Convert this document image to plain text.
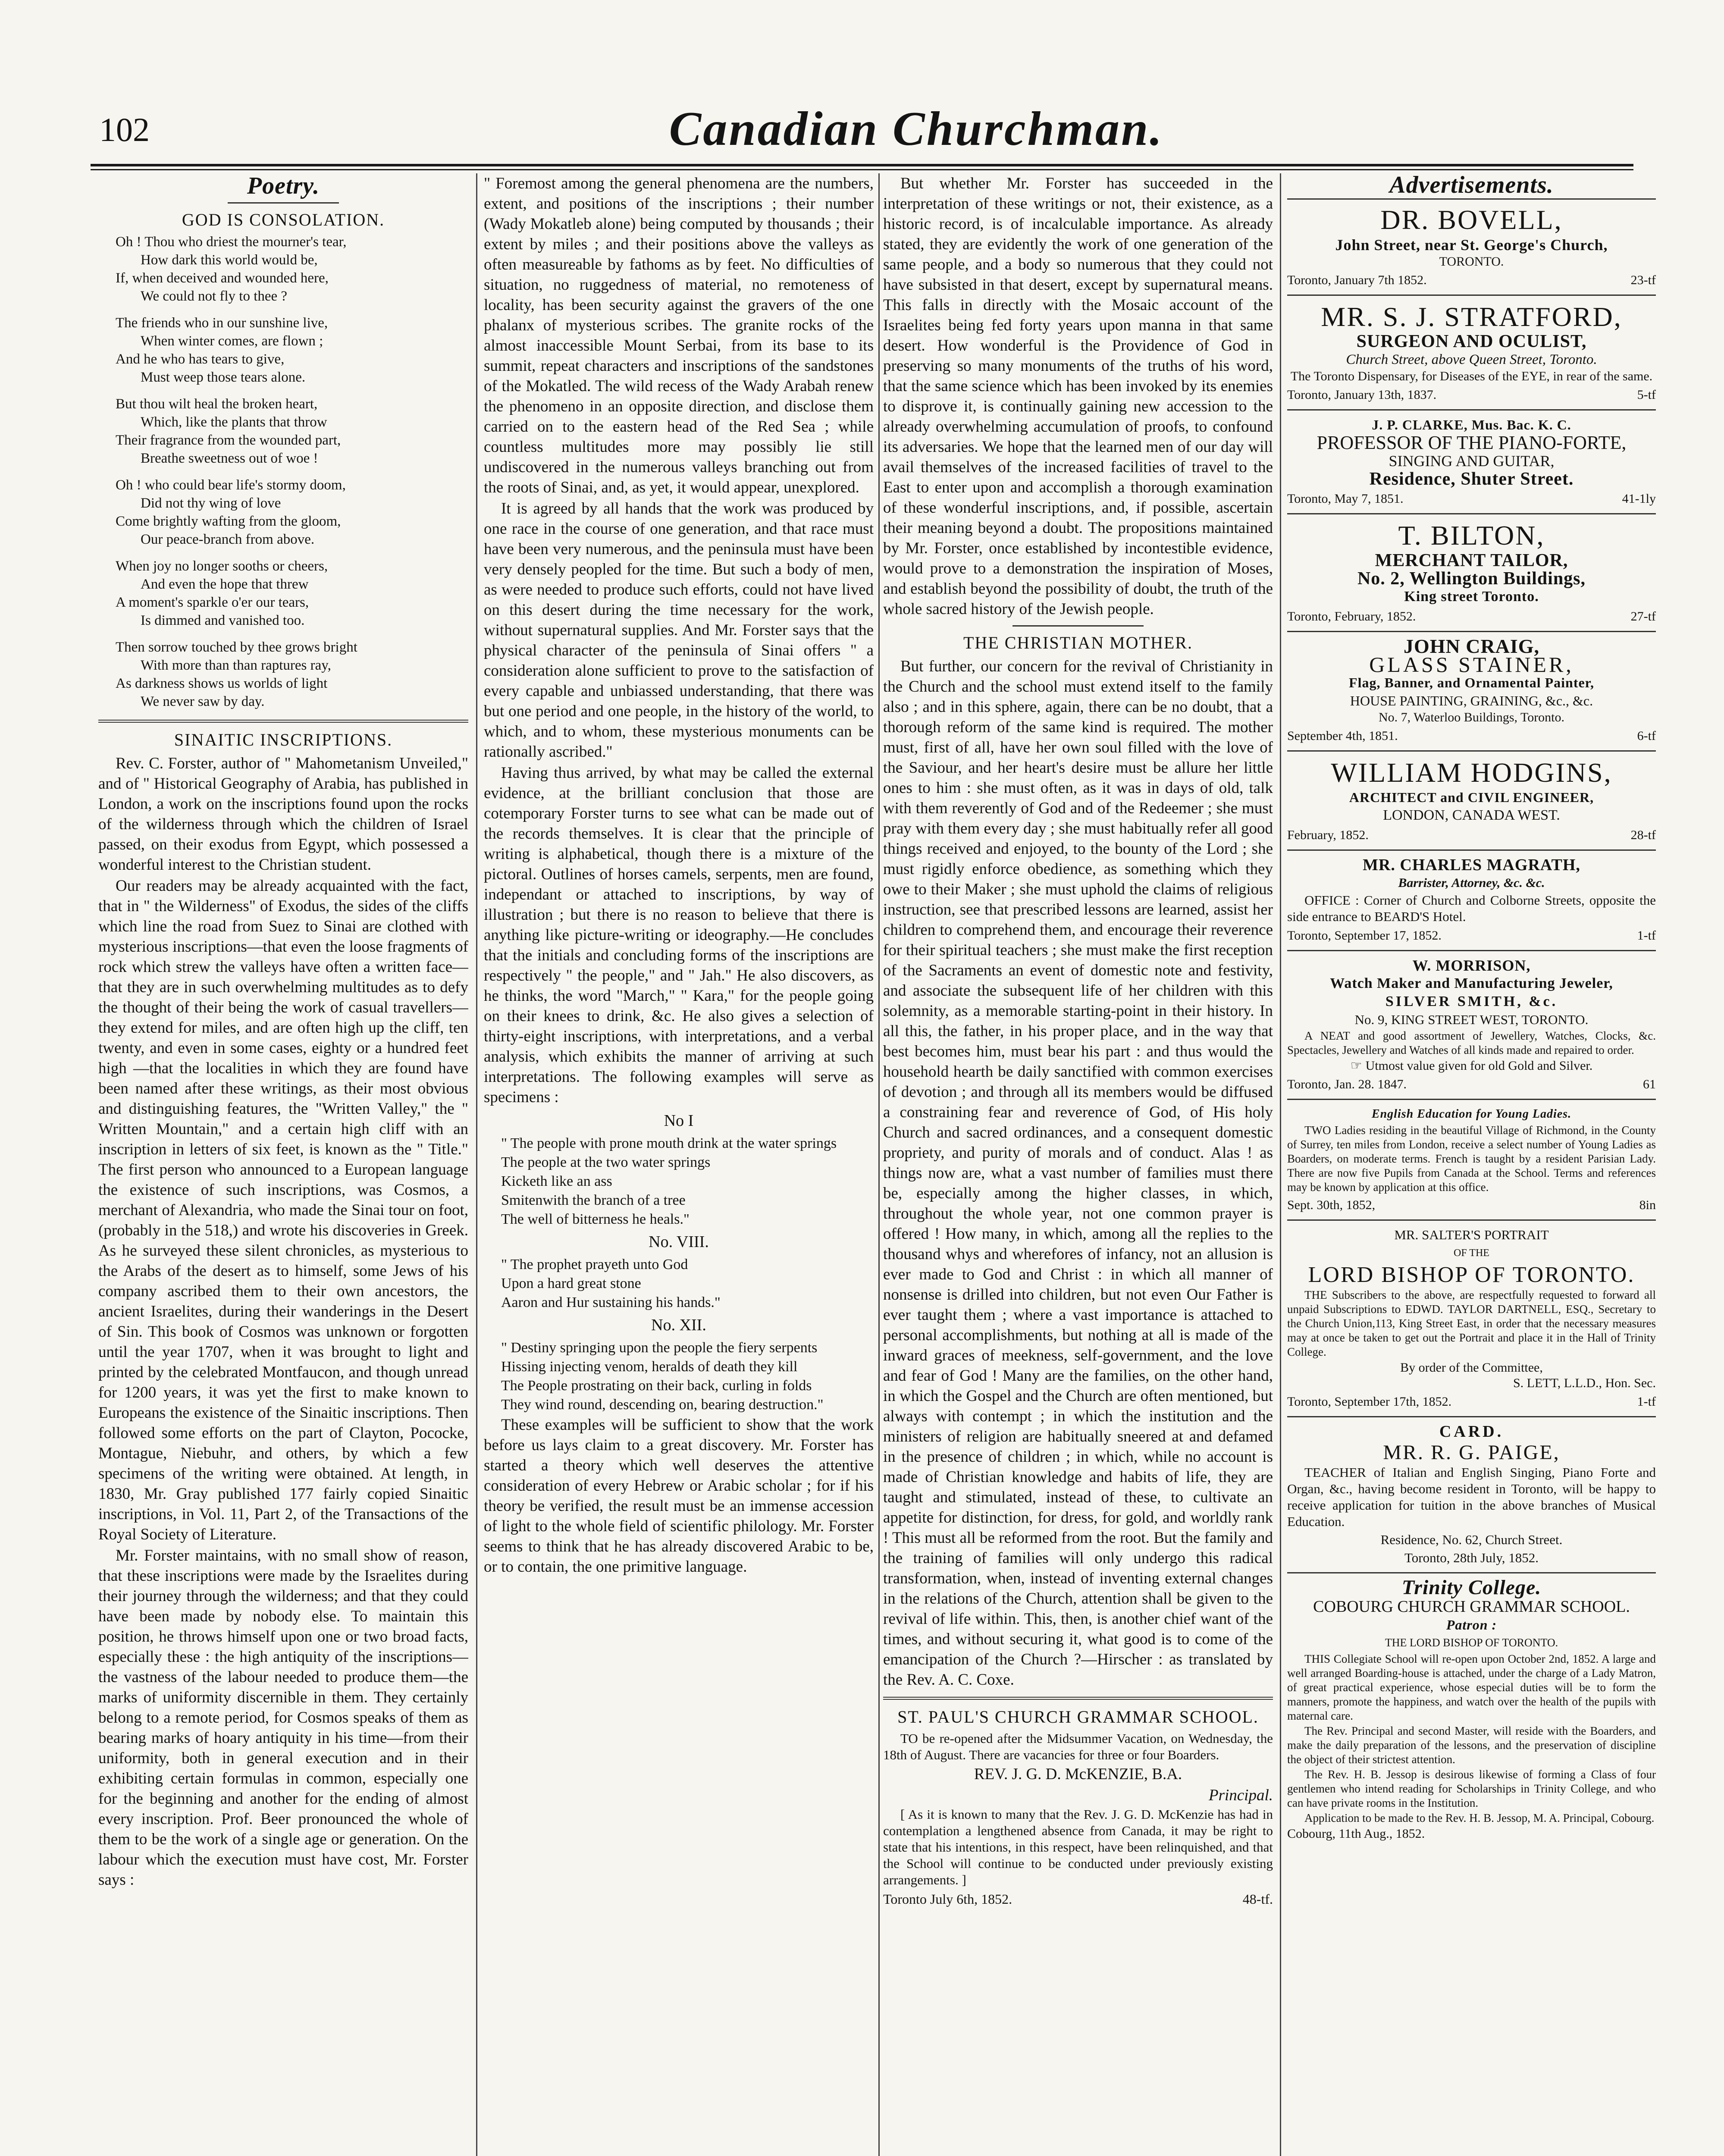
102	Canadian Churchman.
Poetry.
GOD IS CONSOLATION.

Oh ! Thou who driest the mourner's tear,

How dark this world would be,

If, when deceived and wounded here,

We could not fly to thee ?

The friends who in our sunshine live,

When winter comes, are flown ;

And he who has tears to give,

Must weep those tears alone.

But thou wilt heal the broken heart,

Which, like the plants that throw

Their fragrance from the wounded part,

Breathe sweetness out of woe !

Oh ! who could bear life's stormy doom,

Did not thy wing of love

Come brightly wafting from the gloom,

Our peace-branch from above.

When joy no longer sooths or cheers,

And even the hope that threw

A moment's sparkle o'er our tears,

Is dimmed and vanished too.

Then sorrow touched by thee grows bright

With more than than raptures ray,

As darkness shows us worlds of light

We never saw by day.

SINAITIC INSCRIPTIONS.

Rev. C. Forster, author of " Mahometanism Unveiled," and of " Historical Geography of Arabia, has published in London, a work on the inscriptions found upon the rocks of the wilderness through which the children of Israel passed, on their exodus from Egypt, which possessed a wonderful interest to the Christian student.

Our readers may be already acquainted with the fact, that in " the Wilderness" of Exodus, the sides of the cliffs which line the road from Suez to Sinai are clothed with mysterious inscriptions—that even the loose fragments of rock which strew the valleys have often a written face—that they are in such overwhelming multitudes as to defy the thought of their being the work of casual travellers—they extend for miles, and are often high up the cliff, ten twenty, and even in some cases, eighty or a hundred feet high —that the localities in which they are found have been named after these writings, as their most obvious and distinguishing features, the "Written Valley," the " Written Mountain," and a certain high cliff with an inscription in letters of six feet, is known as the " Title." The first person who announced to a European language the existence of such inscriptions, was Cosmos, a merchant of Alexandria, who made the Sinai tour on foot, (probably in the 518,) and wrote his discoveries in Greek. As he surveyed these silent chronicles, as mysterious to the Arabs of the desert as to himself, some Jews of his company ascribed them to their own ancestors, the ancient Israelites, during their wanderings in the Desert of Sin. This book of Cosmos was unknown or forgotten until the year 1707, when it was brought to light and printed by the celebrated Montfaucon, and though unread for 1200 years, it was yet the first to make known to Europeans the existence of the Sinaitic inscriptions. Then followed some efforts on the part of Clayton, Pococke, Montague, Niebuhr, and others, by which a few specimens of the writing were obtained. At length, in 1830, Mr. Gray published 177 fairly copied Sinaitic inscriptions, in Vol. 11, Part 2, of the Transactions of the Royal Society of Literature.

Mr. Forster maintains, with no small show of reason, that these inscriptions were made by the Israelites during their journey through the wilderness; and that they could have been made by nobody else. To maintain this position, he throws himself upon one or two broad facts, especially these : the high antiquity of the inscriptions—the vastness of the labour needed to produce them—the marks of uniformity discernible in them. They certainly belong to a remote period, for Cosmos speaks of them as bearing marks of hoary antiquity in his time—from their uniformity, both in general execution and in their exhibiting certain formulas in common, especially one for the beginning and another for the ending of almost every inscription. Prof. Beer pronounced the whole of them to be the work of a single age or generation. On the labour which the execution must have cost, Mr. Forster says :

" Foremost among the general phenomena are the numbers, extent, and positions of the inscriptions ; their number (Wady Mokatleb alone) being computed by thousands ; their extent by miles ; and their positions above the valleys as often measureable by fathoms as by feet. No difficulties of situation, no ruggedness of material, no remoteness of locality, has been security against the gravers of the one phalanx of mysterious scribes. The granite rocks of the almost inaccessible Mount Serbai, from its base to its summit, repeat characters and inscriptions of the sandstones of the Mokatled. The wild recess of the Wady Arabah renew the phenomeno in an opposite direction, and disclose them carried on to the eastern head of the Red Sea ; while countless multitudes more may possibly lie still undiscovered in the numerous valleys branching out from the roots of Sinai, and, as yet, it would appear, unexplored.

It is agreed by all hands that the work was produced by one race in the course of one generation, and that race must have been very numerous, and the peninsula must have been very densely peopled for the time. But such a body of men, as were needed to produce such efforts, could not have lived on this desert during the time necessary for the work, without supernatural supplies. And Mr. Forster says that the physical character of the peninsula of Sinai offers " a consideration alone sufficient to prove to the satisfaction of every capable and unbiassed understanding, that there was but one period and one people, in the history of the world, to which, and to whom, these mysterious monuments can be rationally ascribed."

Having thus arrived, by what may be called the external evidence, at the brilliant conclusion that those are cotemporary Forster turns to see what can be made out of the records themselves. It is clear that the principle of writing is alphabetical, though there is a mixture of the pictoral. Outlines of horses camels, serpents, men are found, independant or attached to inscriptions, by way of illustration ; but there is no reason to believe that there is anything like picture-writing or ideography.—He concludes that the initials and concluding forms of the inscriptions are respectively " the people," and " Jah." He also discovers, as he thinks, the word "March," " Kara," for the people going on their knees to drink, &c. He also gives a selection of thirty-eight inscriptions, with interpretations, and a verbal analysis, which exhibits the manner of arriving at such interpretations. The following examples will serve as specimens :

No I

" The people with prone mouth drink at the water springs

The people at the two water springs

Kicketh like an ass

Smitenwith the branch of a tree

The well of bitterness he heals."

No. VIII.

" The prophet prayeth unto God

Upon a hard great stone

Aaron and Hur sustaining his hands."

No. XII.

" Destiny springing upon the people the fiery serpents

Hissing injecting venom, heralds of death they kill

The People prostrating on their back, curling in folds

They wind round, descending on, bearing destruction."

These examples will be sufficient to show that the work before us lays claim to a great discovery. Mr. Forster has started a theory which well deserves the attentive consideration of every Hebrew or Arabic scholar ; for if his theory be verified, the result must be an immense accession of light to the whole field of scientific philology. Mr. Forster seems to think that he has already discovered Arabic to be, or to contain, the one primitive language.

But whether Mr. Forster has succeeded in the interpretation of these writings or not, their existence, as a historic record, is of incalculable importance. As already stated, they are evidently the work of one generation of the same people, and a body so numerous that they could not have subsisted in that desert, except by supernatural means. This falls in directly with the Mosaic account of the Israelites being fed forty years upon manna in that same desert. How wonderful is the Providence of God in preserving so many monuments of the truths of his word, that the same science which has been invoked by its enemies to disprove it, is continually gaining new accession to the already overwhelming accumulation of proofs, to confound its adversaries. We hope that the learned men of our day will avail themselves of the increased facilities of travel to the East to enter upon and accomplish a thorough examination of these wonderful inscriptions, and, if possible, ascertain their meaning beyond a doubt. The propositions maintained by Mr. Forster, once established by incontestible evidence, would prove to a demonstration the inspiration of Moses, and establish beyond the possibility of doubt, the truth of the whole sacred history of the Jewish people.

THE CHRISTIAN MOTHER.

But further, our concern for the revival of Christianity in the Church and the school must extend itself to the family also ; and in this sphere, again, there can be no doubt, that a thorough reform of the same kind is required. The mother must, first of all, have her own soul filled with the love of the Saviour, and her heart's desire must be allure her little ones to him : she must often, as it was in days of old, talk with them reverently of God and of the Redeemer ; she must pray with them every day ; she must habitually refer all good things received and enjoyed, to the bounty of the Lord ; she must rigidly enforce obedience, as something which they owe to their Maker ; she must uphold the claims of religious instruction, see that prescribed lessons are learned, assist her children to comprehend them, and encourage their reverence for their spiritual teachers ; she must make the first reception of the Sacraments an event of domestic note and festivity, and associate the subsequent life of her children with this solemnity, as a memorable starting-point in their history. In all this, the father, in his proper place, and in the way that best becomes him, must bear his part : and thus would the household hearth be daily sanctified with common exercises of devotion ; and through all its members would be diffused a constraining fear and reverence of God, of His holy Church and sacred ordinances, and a consequent domestic propriety, and purity of morals and of conduct. Alas ! as things now are, what a vast number of families must there be, especially among the higher classes, in which, throughout the whole year, not one common prayer is offered ! How many, in which, among all the replies to the thousand whys and wherefores of infancy, not an allusion is ever made to God and Christ : in which all manner of nonsense is drilled into children, but not even Our Father is ever taught them ; where a vast importance is attached to personal accomplishments, but nothing at all is made of the inward graces of meekness, self-government, and the love and fear of God ! Many are the families, on the other hand, in which the Gospel and the Church are often mentioned, but always with contempt ; in which the institution and the ministers of religion are habitually sneered at and defamed in the presence of children ; in which, while no account is made of Christian knowledge and habits of life, they are taught and stimulated, instead of these, to cultivate an appetite for distinction, for dress, for gold, and worldly rank ! This must all be reformed from the root. But the family and the training of families will only undergo this radical transformation, when, instead of inventing external changes in the relations of the Church, attention shall be given to the revival of life within. This, then, is another chief want of the times, and without securing it, what good is to come of the emancipation of the Church ?—Hirscher : as translated by the Rev. A. C. Coxe.

ST. PAUL'S CHURCH GRAMMAR SCHOOL.

TO be re-opened after the Midsummer Vacation, on Wednesday, the 18th of August. There are vacancies for three or four Boarders.

REV. J. G. D. McKENZIE, B.A.

Principal.

[ As it is known to many that the Rev. J. G. D. McKenzie has had in contemplation a lengthened absence from Canada, it may be right to state that his intentions, in this respect, have been relinquished, and that the School will continue to be conducted under previously existing arrangements. ]

Toronto July 6th, 1852.	48-tf.
Advertisements.
DR. BOVELL,
John Street, near St. George's Church,
TORONTO.
Toronto, January 7th 1852.	23-tf
MR. S. J. STRATFORD,
SURGEON AND OCULIST,
Church Street, above Queen Street, Toronto.
The Toronto Dispensary, for Diseases of the EYE, in rear of the same.
Toronto, January 13th, 1837.	5-tf
J. P. CLARKE, Mus. Bac. K. C.
PROFESSOR OF THE PIANO-FORTE,
SINGING AND GUITAR,
Residence, Shuter Street.
Toronto, May 7, 1851.	41-1ly
T. BILTON,
MERCHANT TAILOR,
No. 2, Wellington Buildings,
King street Toronto.
Toronto, February, 1852.	27-tf
JOHN CRAIG,
GLASS STAINER,
Flag, Banner, and Ornamental Painter,
HOUSE PAINTING, GRAINING, &c., &c.
No. 7, Waterloo Buildings, Toronto.
September 4th, 1851.	6-tf
WILLIAM HODGINS,
ARCHITECT and CIVIL ENGINEER,
LONDON, CANADA WEST.
February, 1852.	28-tf
MR. CHARLES MAGRATH,
Barrister, Attorney, &c. &c.

OFFICE : Corner of Church and Colborne Streets, opposite the side entrance to BEARD'S Hotel.

Toronto, September 17, 1852.	1-tf
W. MORRISON,
Watch Maker and Manufacturing Jeweler,
SILVER SMITH, &c.
No. 9, KING STREET WEST, TORONTO.

A NEAT and good assortment of Jewellery, Watches, Clocks, &c. Spectacles, Jewellery and Watches of all kinds made and repaired to order.

☞ Utmost value given for old Gold and Silver.
Toronto, Jan. 28. 1847.	61
English Education for Young Ladies.

TWO Ladies residing in the beautiful Village of Richmond, in the County of Surrey, ten miles from London, receive a select number of Young Ladies as Boarders, on moderate terms. French is taught by a resident Parisian Lady. There are now five Pupils from Canada at the School. Terms and references may be known by application at this office.

Sept. 30th, 1852,	8in
MR. SALTER'S PORTRAIT
OF THE
LORD BISHOP OF TORONTO.

THE Subscribers to the above, are respectfully requested to forward all unpaid Subscriptions to EDWD. TAYLOR DARTNELL, ESQ., Secretary to the Church Union,113, King Street East, in order that the necessary measures may at once be taken to get out the Portrait and place it in the Hall of Trinity College.

By order of the Committee,
S. LETT, L.L.D., Hon. Sec.
Toronto, September 17th, 1852.	1-tf
CARD.
MR. R. G. PAIGE,

TEACHER of Italian and English Singing, Piano Forte and Organ, &c., having become resident in Toronto, will be happy to receive application for tuition in the above branches of Musical Education.

Residence, No. 62, Church Street.
Toronto, 28th July, 1852.
Trinity College.
COBOURG CHURCH GRAMMAR SCHOOL.
Patron :
THE LORD BISHOP OF TORONTO.

THIS Collegiate School will re-open upon October 2nd, 1852. A large and well arranged Boarding-house is attached, under the charge of a Lady Matron, of great practical experience, whose especial duties will be to form the manners, promote the happiness, and watch over the health of the pupils with maternal care.

The Rev. Principal and second Master, will reside with the Boarders, and make the daily preparation of the lessons, and the preservation of discipline the object of their strictest attention.

The Rev. H. B. Jessop is desirous likewise of forming a Class of four gentlemen who intend reading for Scholarships in Trinity College, and who can have private rooms in the Institution.

Application to be made to the Rev. H. B. Jessop, M. A. Principal, Cobourg.

Cobourg, 11th Aug., 1852.
